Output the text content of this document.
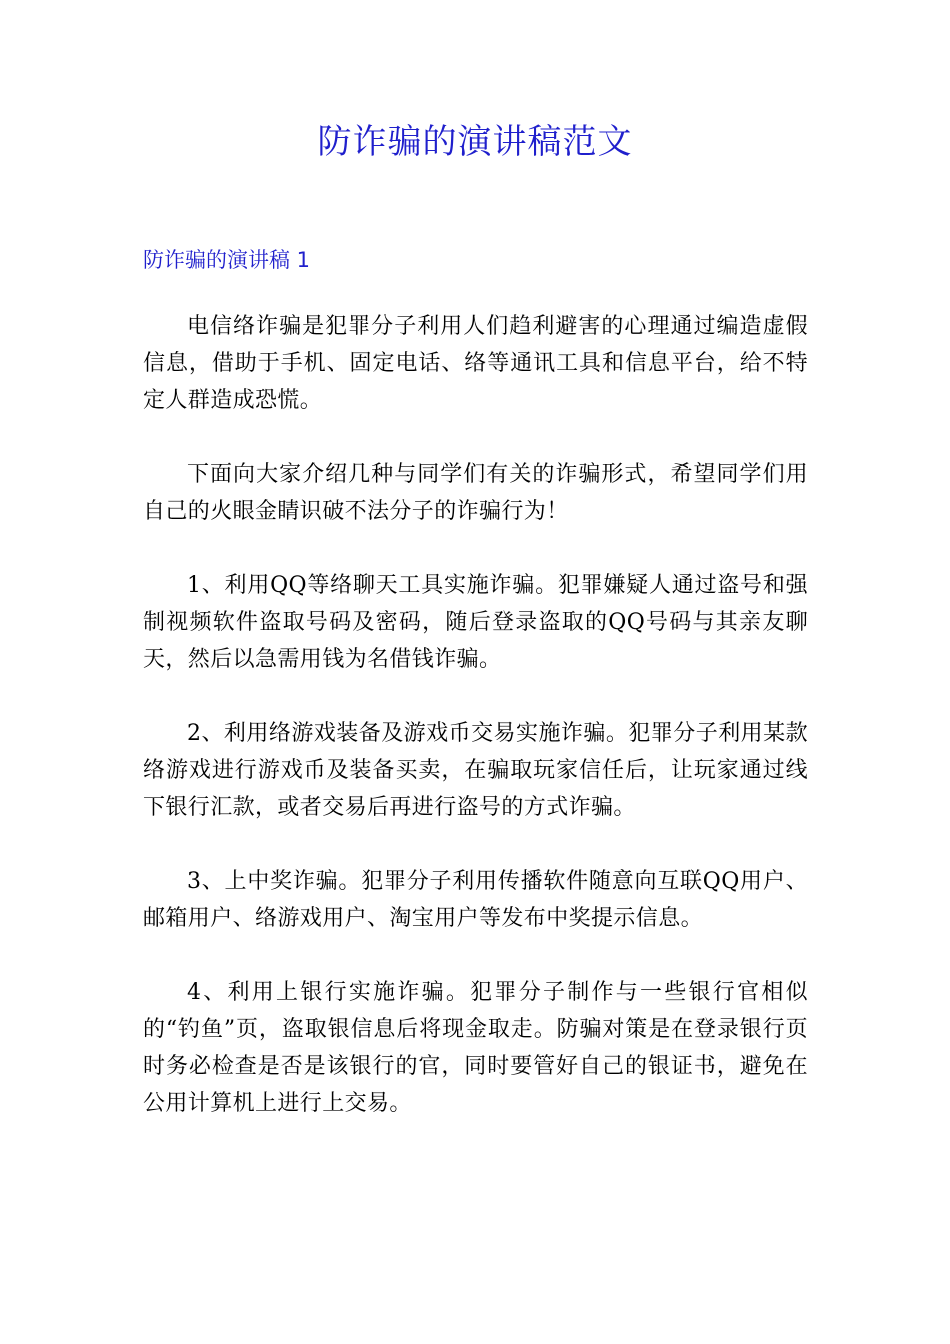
防诈骗的演讲稿范文
防诈骗的演讲稿 1

电信络诈骗是犯罪分子利用人们趋利避害的心理通过编造虚假信息，借助于手机、固定电话、络等通讯工具和信息平台，给不特定人群造成恐慌。

下面向大家介绍几种与同学们有关的诈骗形式，希望同学们用自己的火眼金睛识破不法分子的诈骗行为！

1、利用QQ等络聊天工具实施诈骗。犯罪嫌疑人通过盗号和强制视频软件盗取号码及密码，随后登录盗取的QQ号码与其亲友聊天，然后以急需用钱为名借钱诈骗。

2、利用络游戏装备及游戏币交易实施诈骗。犯罪分子利用某款络游戏进行游戏币及装备买卖，在骗取玩家信任后，让玩家通过线下银行汇款，或者交易后再进行盗号的方式诈骗。

3、上中奖诈骗。犯罪分子利用传播软件随意向互联QQ用户、邮箱用户、络游戏用户、淘宝用户等发布中奖提示信息。

4、利用上银行实施诈骗。犯罪分子制作与一些银行官相似的“钓鱼”页，盗取银信息后将现金取走。防骗对策是在登录银行页时务必检查是否是该银行的官，同时要管好自己的银证书，避免在公用计算机上进行上交易。
